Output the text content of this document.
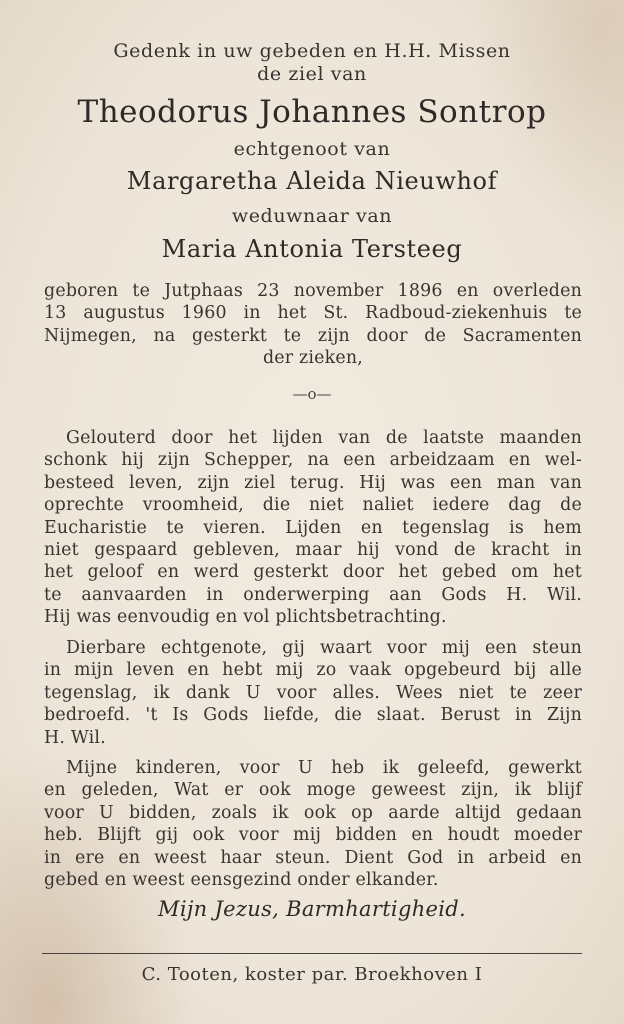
Gedenk in uw gebeden en H.H. Missen
de ziel van
Theodorus Johannes Sontrop
echtgenoot van
Margaretha Aleida Nieuwhof
weduwnaar van
Maria Antonia Tersteeg
geboren te Jutphaas 23 november 1896 en overleden
13 augustus 1960 in het St. Radboud-ziekenhuis te
Nijmegen, na gesterkt te zijn door de Sacramenten
der zieken,
—o—
Gelouterd door het lijden van de laatste maanden
schonk hij zijn Schepper, na een arbeidzaam en wel-
besteed leven, zijn ziel terug. Hij was een man van
oprechte vroomheid, die niet naliet iedere dag de
Eucharistie te vieren. Lijden en tegenslag is hem
niet gespaard gebleven, maar hij vond de kracht in
het geloof en werd gesterkt door het gebed om het
te aanvaarden in onderwerping aan Gods H. Wil.
Hij was eenvoudig en vol plichtsbetrachting.
Dierbare echtgenote, gij waart voor mij een steun
in mijn leven en hebt mij zo vaak opgebeurd bij alle
tegenslag, ik dank U voor alles. Wees niet te zeer
bedroefd. 't Is Gods liefde, die slaat. Berust in Zijn
H. Wil.
Mijne kinderen, voor U heb ik geleefd, gewerkt
en geleden, Wat er ook moge geweest zijn, ik blijf
voor U bidden, zoals ik ook op aarde altijd gedaan
heb. Blijft gij ook voor mij bidden en houdt moeder
in ere en weest haar steun. Dient God in arbeid en
gebed en weest eensgezind onder elkander.
Mijn Jezus, Barmhartigheid.
C. Tooten, koster par. Broekhoven I
